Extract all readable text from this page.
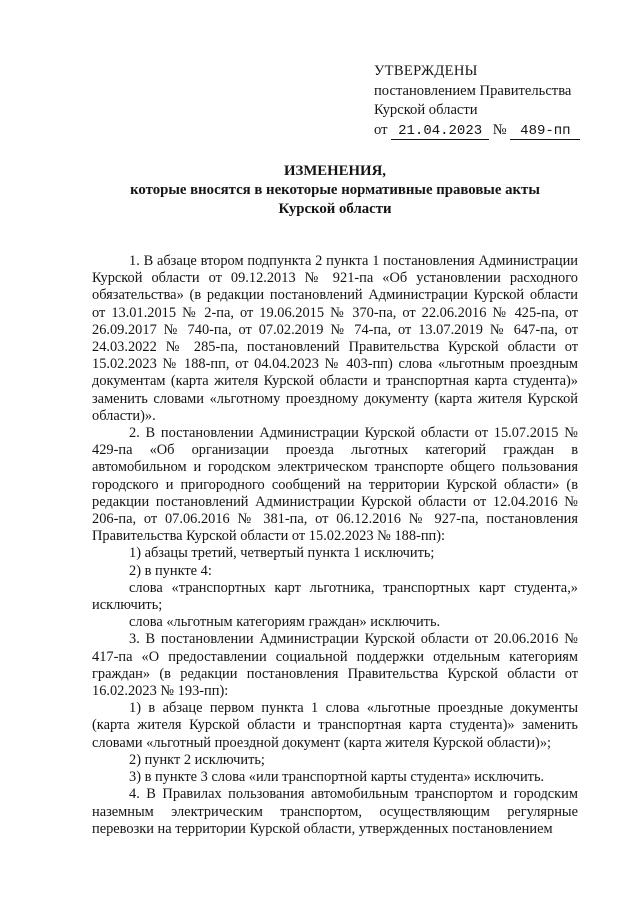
УТВЕРЖДЕНЫ
постановлением Правительства
Курской области
от 21.04.2023 № 489-пп
ИЗМЕНЕНИЯ,
которые вносятся в некоторые нормативные правовые акты
Курской области

1. В абзаце втором подпункта 2 пункта 1 постановления Администрации Курской области от 09.12.2013 № 921-па «Об установлении расходного обязательства» (в редакции постановлений Администрации Курской области от 13.01.2015 № 2-па, от 19.06.2015 № 370-па, от 22.06.2016 № 425-па, от 26.09.2017 № 740-па, от 07.02.2019 № 74-па, от 13.07.2019 № 647-па, от 24.03.2022 № 285-па, постановлений Правительства Курской области от 15.02.2023 № 188-пп, от 04.04.2023 № 403-пп) слова «льготным проездным документам (карта жителя Курской области и транспортная карта студента)» заменить словами «льготному проездному документу (карта жителя Курской области)».

2. В постановлении Администрации Курской области от 15.07.2015 № 429-па «Об организации проезда льготных категорий граждан в автомобильном и городском электрическом транспорте общего пользования городского и пригородного сообщений на территории Курской области» (в редакции постановлений Администрации Курской области от 12.04.2016 № 206-па, от 07.06.2016 № 381-па, от 06.12.2016 № 927-па, постановления Правительства Курской области от 15.02.2023 № 188-пп):

1) абзацы третий, четвертый пункта 1 исключить;

2) в пункте 4:

слова «транспортных карт льготника, транспортных карт студента,» исключить;

слова «льготным категориям граждан» исключить.

3. В постановлении Администрации Курской области от 20.06.2016 № 417-па «О предоставлении социальной поддержки отдельным категориям граждан» (в редакции постановления Правительства Курской области от 16.02.2023 № 193-пп):

1) в абзаце первом пункта 1 слова «льготные проездные документы (карта жителя Курской области и транспортная карта студента)» заменить словами «льготный проездной документ (карта жителя Курской области)»;

2) пункт 2 исключить;

3) в пункте 3 слова «или транспортной карты студента» исключить.

4. В Правилах пользования автомобильным транспортом и городским наземным электрическим транспортом, осуществляющим регулярные перевозки на территории Курской области, утвержденных постановлением
